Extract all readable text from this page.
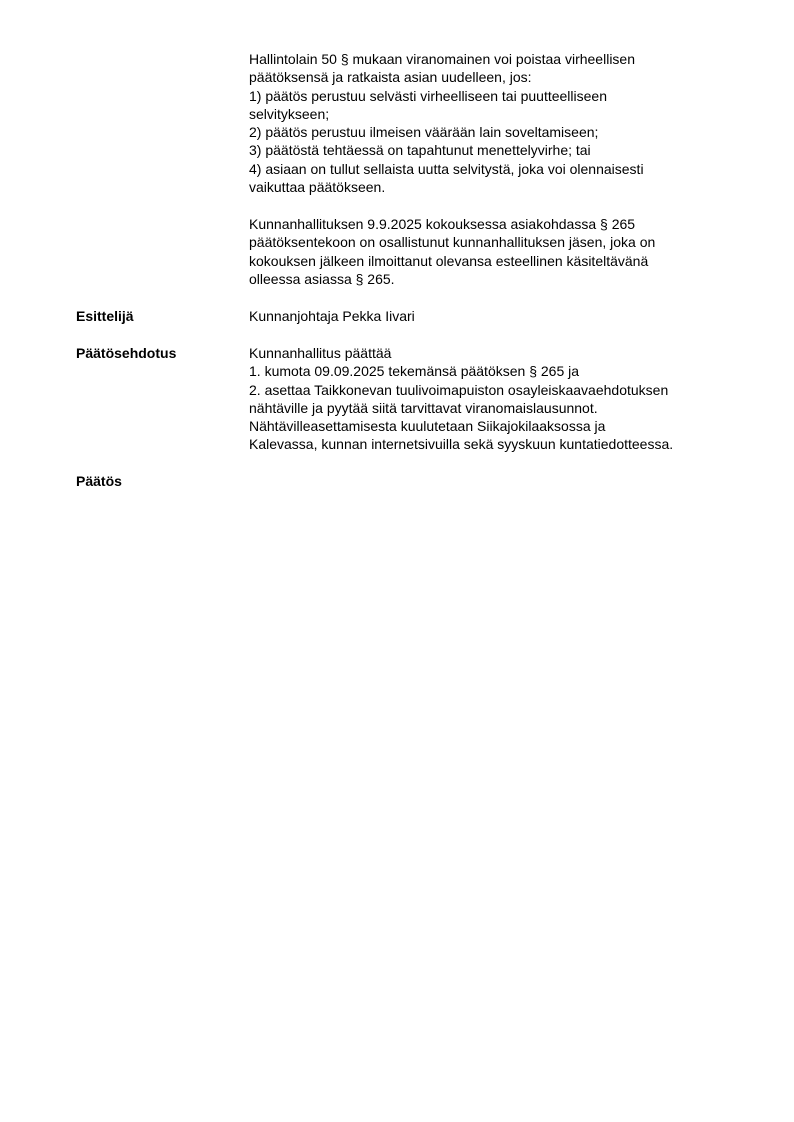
Hallintolain 50 § mukaan viranomainen voi poistaa virheellisen
päätöksensä ja ratkaista asian uudelleen, jos:
1) päätös perustuu selvästi virheelliseen tai puutteelliseen
selvitykseen;
2) päätös perustuu ilmeisen väärään lain soveltamiseen;
3) päätöstä tehtäessä on tapahtunut menettelyvirhe; tai
4) asiaan on tullut sellaista uutta selvitystä, joka voi olennaisesti
vaikuttaa päätökseen.
Kunnanhallituksen 9.9.2025 kokouksessa asiakohdassa § 265
päätöksentekoon on osallistunut kunnanhallituksen jäsen, joka on
kokouksen jälkeen ilmoittanut olevansa esteellinen käsiteltävänä
olleessa asiassa § 265.
Esittelijä	Kunnanjohtaja Pekka Iivari
Päätösehdotus	Kunnanhallitus päättää
1. kumota 09.09.2025 tekemänsä päätöksen § 265 ja
2. asettaa Taikkonevan tuulivoimapuiston osayleiskaavaehdotuksen
nähtäville ja pyytää siitä tarvittavat viranomaislausunnot.
Nähtävilleasettamisesta kuulutetaan Siikajokilaaksossa ja
Kalevassa, kunnan internetsivuilla sekä syyskuun kuntatiedotteessa.
Päätös
